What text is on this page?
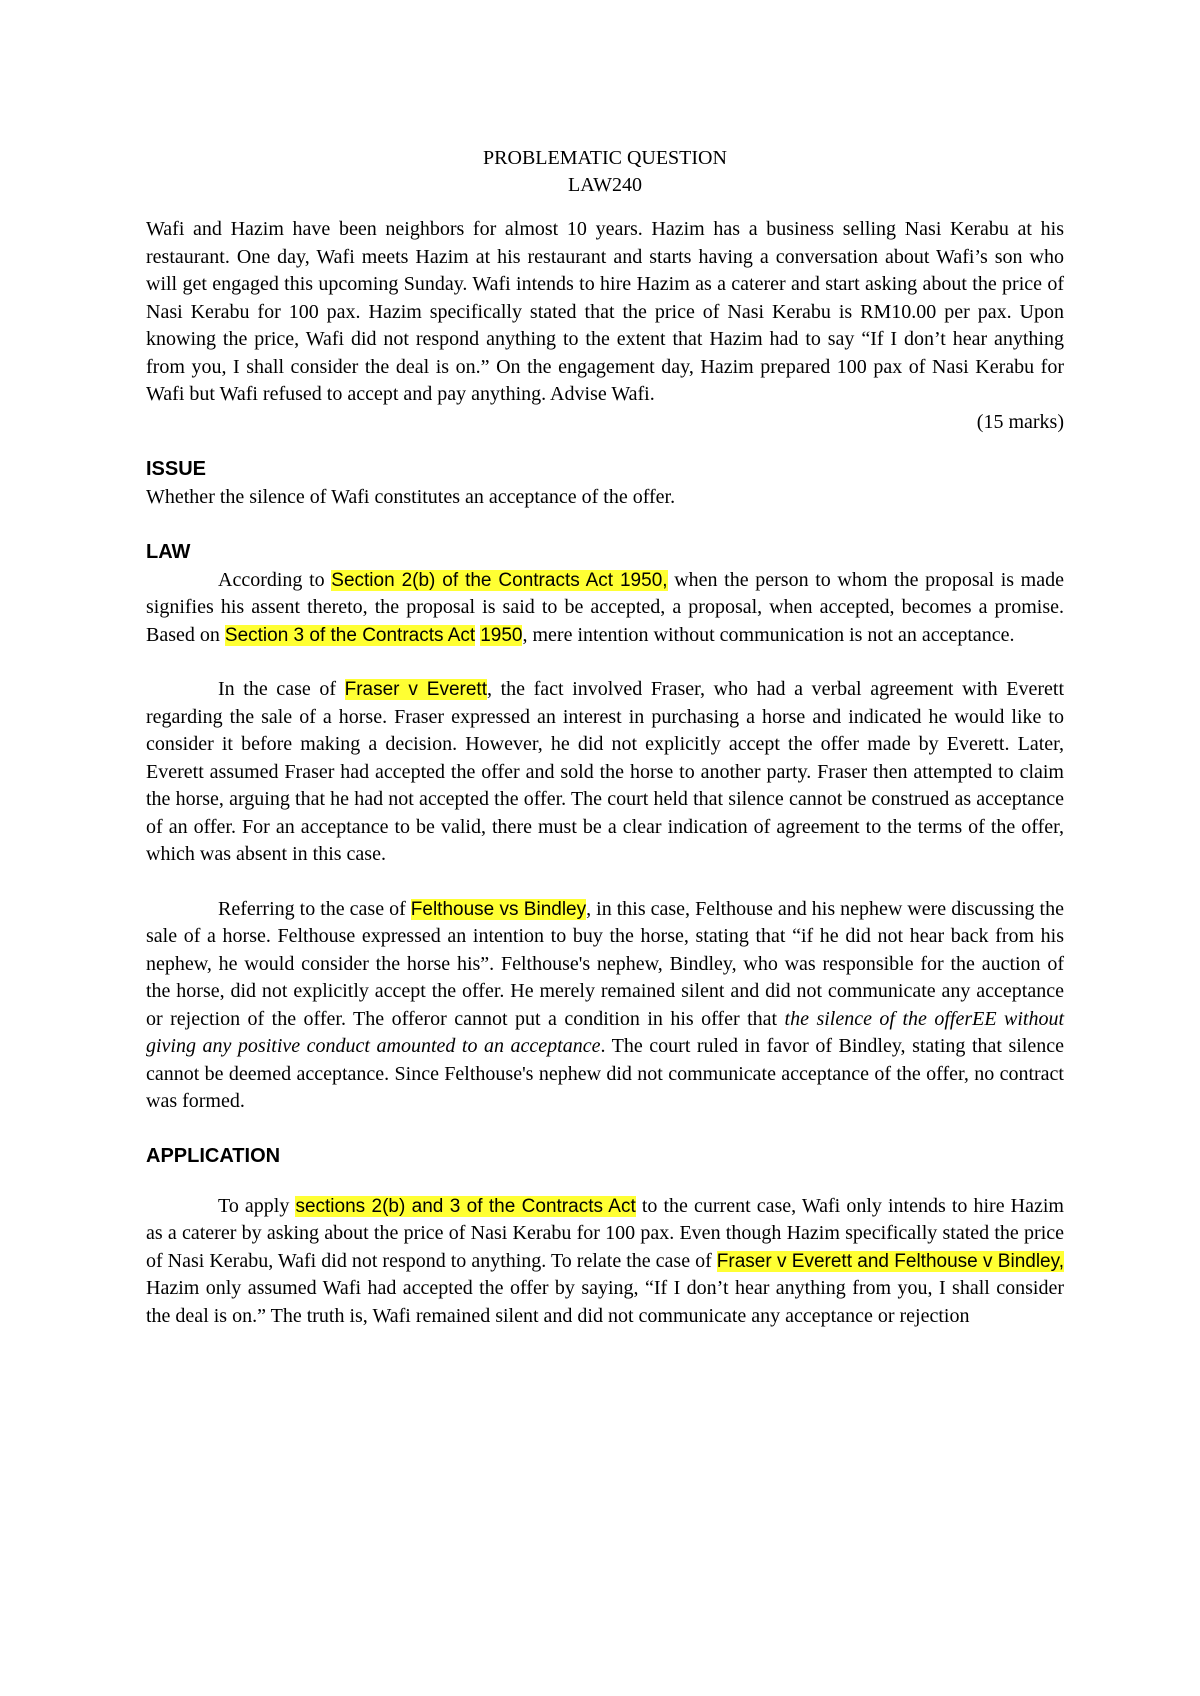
PROBLEMATIC QUESTION
LAW240

Wafi and Hazim have been neighbors for almost 10 years. Hazim has a business selling Nasi Kerabu at his restaurant. One day, Wafi meets Hazim at his restaurant and starts having a conversation about Wafi’s son who will get engaged this upcoming Sunday. Wafi intends to hire Hazim as a caterer and start asking about the price of Nasi Kerabu for 100 pax. Hazim specifically stated that the price of Nasi Kerabu is RM10.00 per pax. Upon knowing the price, Wafi did not respond anything to the extent that Hazim had to say “If I don’t hear anything from you, I shall consider the deal is on.” On the engagement day, Hazim prepared 100 pax of Nasi Kerabu for Wafi but Wafi refused to accept and pay anything. Advise Wafi.

(15 marks)
ISSUE

Whether the silence of Wafi constitutes an acceptance of the offer.

LAW

According to Section 2(b) of the Contracts Act 1950, when the person to whom the proposal is made signifies his assent thereto, the proposal is said to be accepted, a proposal, when accepted, becomes a promise. Based on Section 3 of the Contracts Act 1950, mere intention without communication is not an acceptance.

In the case of Fraser v Everett, the fact involved Fraser, who had a verbal agreement with Everett regarding the sale of a horse. Fraser expressed an interest in purchasing a horse and indicated he would like to consider it before making a decision. However, he did not explicitly accept the offer made by Everett. Later, Everett assumed Fraser had accepted the offer and sold the horse to another party. Fraser then attempted to claim the horse, arguing that he had not accepted the offer. The court held that silence cannot be construed as acceptance of an offer. For an acceptance to be valid, there must be a clear indication of agreement to the terms of the offer, which was absent in this case.

Referring to the case of Felthouse vs Bindley, in this case, Felthouse and his nephew were discussing the sale of a horse. Felthouse expressed an intention to buy the horse, stating that “if he did not hear back from his nephew, he would consider the horse his”. Felthouse's nephew, Bindley, who was responsible for the auction of the horse, did not explicitly accept the offer. He merely remained silent and did not communicate any acceptance or rejection of the offer. The offeror cannot put a condition in his offer that the silence of the offerEE without giving any positive conduct amounted to an acceptance. The court ruled in favor of Bindley, stating that silence cannot be deemed acceptance. Since Felthouse's nephew did not communicate acceptance of the offer, no contract was formed.

APPLICATION

To apply sections 2(b) and 3 of the Contracts Act to the current case, Wafi only intends to hire Hazim as a caterer by asking about the price of Nasi Kerabu for 100 pax. Even though Hazim specifically stated the price of Nasi Kerabu, Wafi did not respond to anything. To relate the case of Fraser v Everett and Felthouse v Bindley, Hazim only assumed Wafi had accepted the offer by saying, “If I don’t hear anything from you, I shall consider the deal is on.” The truth is, Wafi remained silent and did not communicate any acceptance or rejection
